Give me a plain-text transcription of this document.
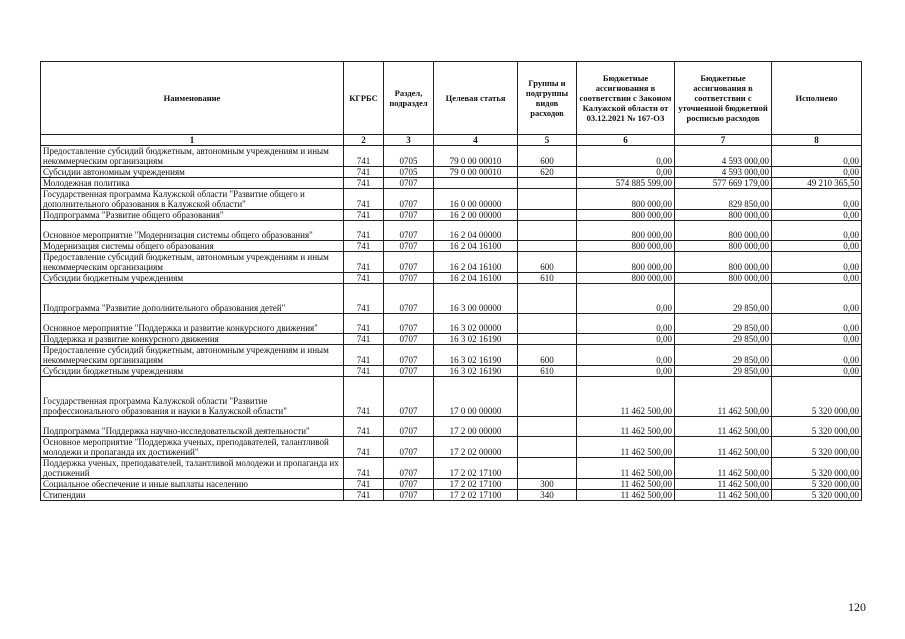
Наименование	КГРБС	Раздел, подраздел	Целевая статья	Группы и подгруппы видов расходов	Бюджетные ассигнования в соответствии с Законом Калужской области от 03.12.2021 № 167-ОЗ	Бюджетные ассигнования в соответствии с уточненной бюджетной росписью расходов	Исполнено
1	2	3	4	5	6	7	8
Предоставление субсидий бюджетным, автономным учреждениям и иным некоммерческим организациям	741	0705	79 0 00 00010	600	0,00	4 593 000,00	0,00
Субсидии автономным учреждениям	741	0705	79 0 00 00010	620	0,00	4 593 000,00	0,00
Молодежная политика	741	0707			574 885 599,00	577 669 179,00	49 210 365,50
Государственная программа Калужской области "Развитие общего и дополнительного образования в Калужской области"	741	0707	16 0 00 00000		800 000,00	829 850,00	0,00
Подпрограмма "Развитие общего образования"	741	0707	16 2 00 00000		800 000,00	800 000,00	0,00
Основное мероприятие "Модернизация системы общего образования"	741	0707	16 2 04 00000		800 000,00	800 000,00	0,00
Модернизация системы общего образования	741	0707	16 2 04 16100		800 000,00	800 000,00	0,00
Предоставление субсидий бюджетным, автономным учреждениям и иным некоммерческим организациям	741	0707	16 2 04 16100	600	800 000,00	800 000,00	0,00
Субсидии бюджетным учреждениям	741	0707	16 2 04 16100	610	800 000,00	800 000,00	0,00
Подпрограмма "Развитие дополнительного образования детей"	741	0707	16 3 00 00000		0,00	29 850,00	0,00
Основное мероприятие "Поддержка и развитие конкурсного движения"	741	0707	16 3 02 00000		0,00	29 850,00	0,00
Поддержка и развитие конкурсного движения	741	0707	16 3 02 16190		0,00	29 850,00	0,00
Предоставление субсидий бюджетным, автономным учреждениям и иным некоммерческим организациям	741	0707	16 3 02 16190	600	0,00	29 850,00	0,00
Субсидии бюджетным учреждениям	741	0707	16 3 02 16190	610	0,00	29 850,00	0,00
Государственная программа Калужской области "Развитие профессионального образования и науки в Калужской области"	741	0707	17 0 00 00000		11 462 500,00	11 462 500,00	5 320 000,00
Подпрограмма "Поддержка научно-исследовательской деятельности"	741	0707	17 2 00 00000		11 462 500,00	11 462 500,00	5 320 000,00
Основное мероприятие "Поддержка ученых, преподавателей, талантливой молодежи и пропаганда их достижений"	741	0707	17 2 02 00000		11 462 500,00	11 462 500,00	5 320 000,00
Поддержка ученых, преподавателей, талантливой молодежи и пропаганда их достижений	741	0707	17 2 02 17100		11 462 500,00	11 462 500,00	5 320 000,00
Социальное обеспечение и иные выплаты населению	741	0707	17 2 02 17100	300	11 462 500,00	11 462 500,00	5 320 000,00
Стипендии	741	0707	17 2 02 17100	340	11 462 500,00	11 462 500,00	5 320 000,00
120
